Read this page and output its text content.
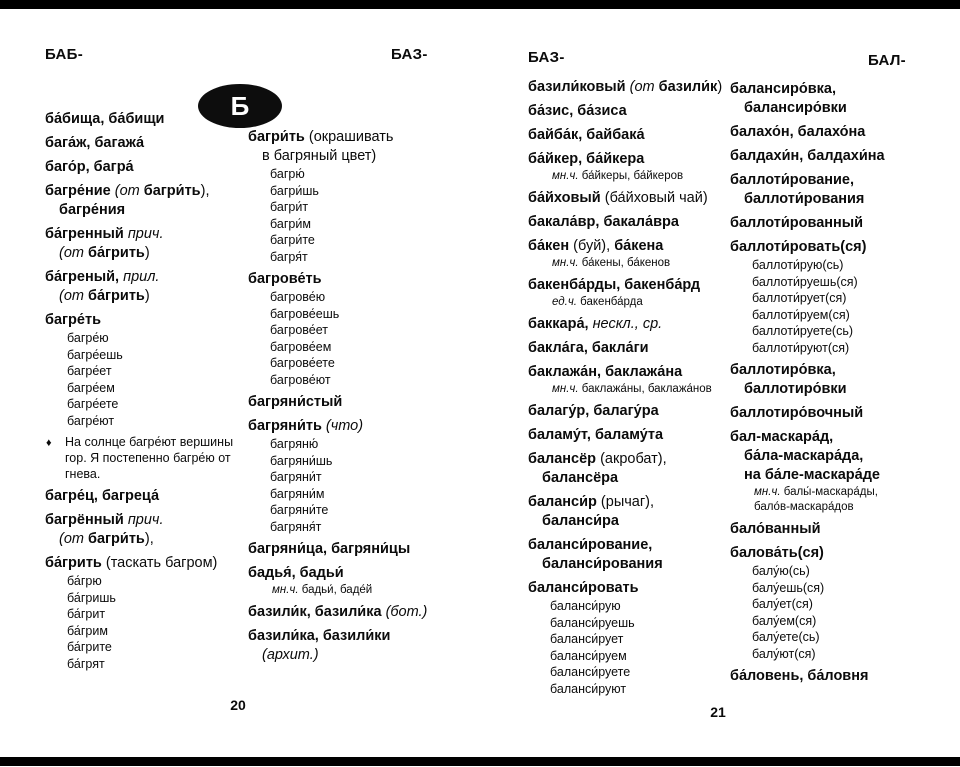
БАБ-	БАЗ-	БАЗ-	БАЛ-
Б
ба́бища, ба́бищи
бага́ж, багажа́
баго́р, багра́
багре́ние (от багри́ть),
багре́ния
ба́гренный прич.
(от ба́грить)
ба́греный, прил.
(от ба́грить)
багре́ть
багре́ю
багре́ешь
багре́ет
багре́ем
багре́ете
багре́ют
♦ На солнце багре́ют вершины гор. Я постепенно багре́ю от гнева.
багре́ц, багреца́
багрённый прич.
(от багри́ть),
ба́грить (таскать багром)
ба́грю
ба́гришь
ба́грит
ба́грим
ба́грите
ба́грят
багри́ть (окрашивать
в багряный цвет)
багрю́
багри́шь
багри́т
багри́м
багри́те
багря́т
багрове́ть
багрове́ю
багрове́ешь
багрове́ет
багрове́ем
багрове́ете
багрове́ют
багряни́стый
багряни́ть (что)
багряню́
багряни́шь
багряни́т
багряни́м
багряни́те
багряня́т
багряни́ца, багряни́цы
бадья́, бадьи́
мн.ч. бадьи́, баде́й
базили́к, базили́ка (бот.)
базили́ка, базили́ки
(архит.)
базили́ковый (от базили́к)
ба́зис, ба́зиса
байба́к, байбака́
ба́йкер, ба́йкера
мн.ч. ба́йкеры, ба́йкеров
ба́йховый (ба́йховый чай)
бакала́вр, бакала́вра
ба́кен (буй), ба́кена
мн.ч. ба́кены, ба́кенов
бакенба́рды, бакенба́рд
ед.ч. бакенба́рда
баккара́, нескл., ср.
бакла́га, бакла́ги
баклажа́н, баклажа́на
мн.ч. баклажа́ны, баклажа́нов
балагу́р, балагу́ра
баламу́т, баламу́та
балансёр (акробат),
балансёра
баланси́р (рычаг),
баланси́ра
баланси́рование,
баланси́рования
баланси́ровать
баланси́рую
баланси́руешь
баланси́рует
баланси́руем
баланси́руете
баланси́руют
балансиро́вка,
балансиро́вки
балахо́н, балахо́на
балдахи́н, балдахи́на
баллоти́рование,
баллоти́рования
баллоти́рованный
баллоти́ровать(ся)
баллоти́рую(сь)
баллоти́руешь(ся)
баллоти́рует(ся)
баллоти́руем(ся)
баллоти́руете(сь)
баллоти́руют(ся)
баллотиро́вка,
баллотиро́вки
баллотиро́вочный
бал-маскара́д,
ба́ла-маскара́да,
на ба́ле-маскара́де
мн.ч. балы́-маскара́ды,
бало́в-маскара́дов
бало́ванный
балова́ть(ся)
балу́ю(сь)
балу́ешь(ся)
балу́ет(ся)
балу́ем(ся)
балу́ете(сь)
балу́ют(ся)
ба́ловень, ба́ловня
20	21
